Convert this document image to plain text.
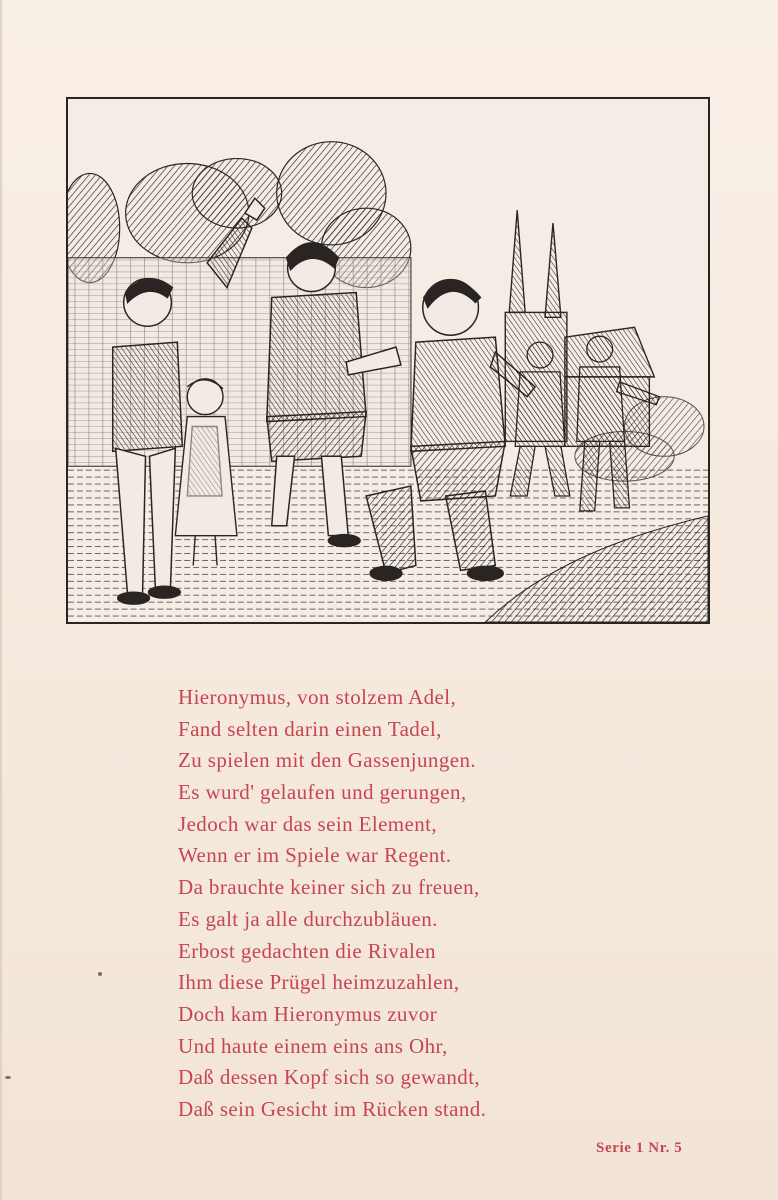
Hieronymus, von stolzem Adel,
Fand selten darin einen Tadel,
Zu spielen mit den Gassenjungen.
Es wurd' gelaufen und gerungen,
Jedoch war das sein Element,
Wenn er im Spiele war Regent.
Da brauchte keiner sich zu freuen,
Es galt ja alle durchzubläuen.
Erbost gedachten die Rivalen
Ihm diese Prügel heimzuzahlen,
Doch kam Hieronymus zuvor
Und haute einem eins ans Ohr,
Daß dessen Kopf sich so gewandt,
Daß sein Gesicht im Rücken stand.
Serie 1 Nr. 5
